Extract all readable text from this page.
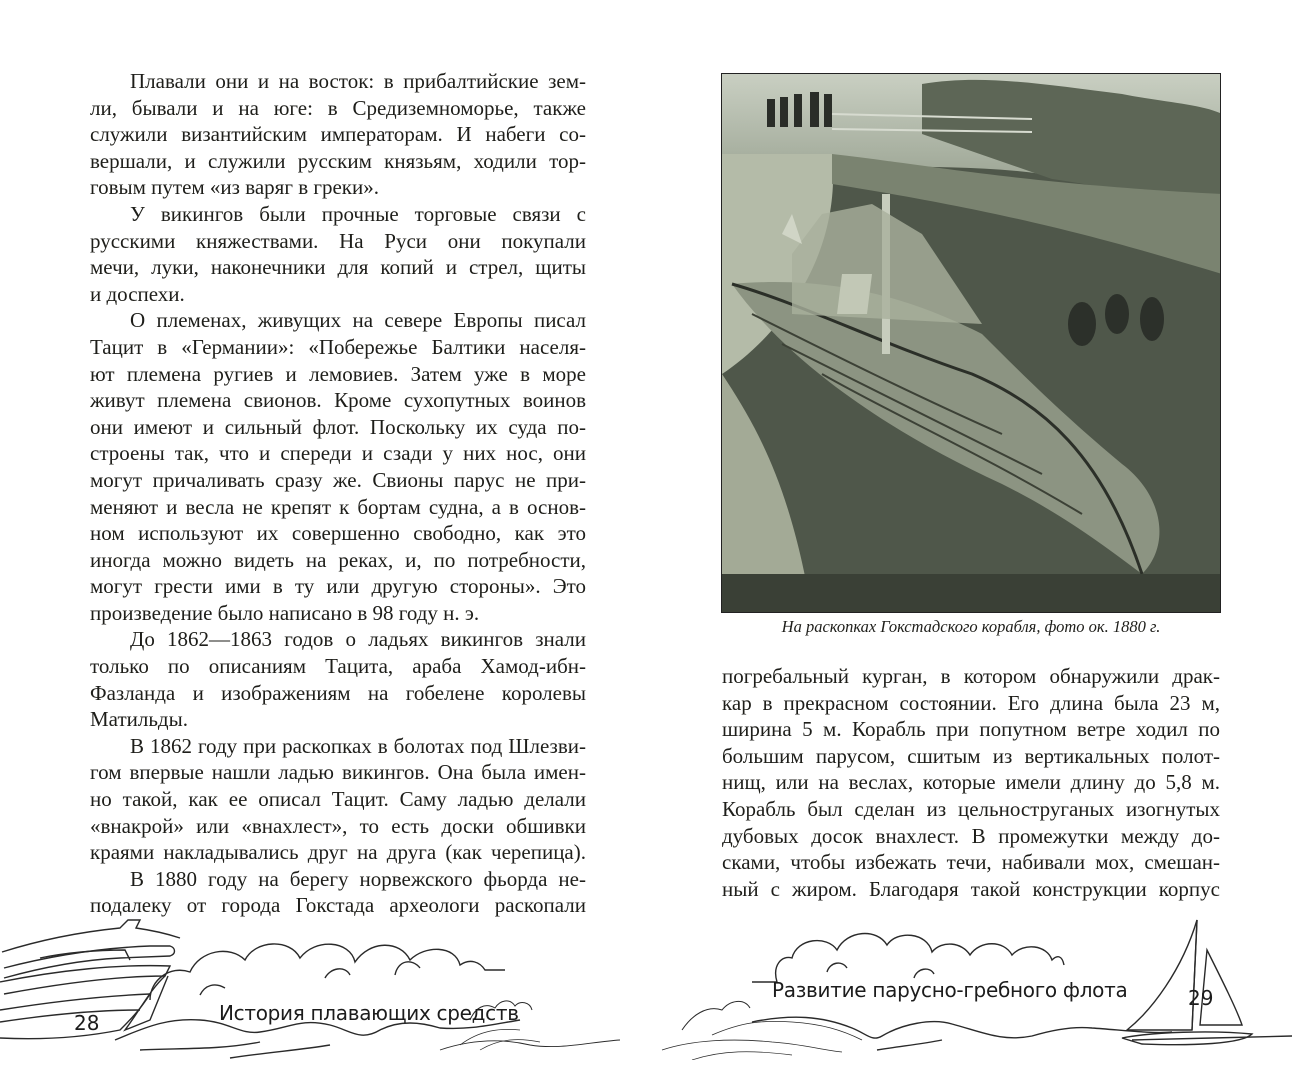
Плавали они и на восток: в прибалтийские зем-
ли, бывали и на юге: в Средиземноморье, также
служили византийским императорам. И набеги со-
вершали, и служили русским князьям, ходили тор-
говым путем «из варяг в греки».
У викингов были прочные торговые связи с
русскими княжествами. На Руси они покупали
мечи, луки, наконечники для копий и стрел, щиты
и доспехи.
О племенах, живущих на севере Европы писал
Тацит в «Германии»: «Побережье Балтики населя-
ют племена ругиев и лемовиев. Затем уже в море
живут племена свионов. Кроме сухопутных воинов
они имеют и сильный флот. Поскольку их суда по-
строены так, что и спереди и сзади у них нос, они
могут причаливать сразу же. Свионы парус не при-
меняют и весла не крепят к бортам судна, а в основ-
ном используют их совершенно свободно, как это
иногда можно видеть на реках, и, по потребности,
могут грести ими в ту или другую стороны». Это
произведение было написано в 98 году н. э.
До 1862—1863 годов о ладьях викингов знали
только по описаниям Тацита, араба Хамод-ибн-
Фазланда и изображениям на гобелене королевы
Матильды.
В 1862 году при раскопках в болотах под Шлезви-
гом впервые нашли ладью викингов. Она была имен-
но такой, как ее описал Тацит. Саму ладью делали
«внакрой» или «внахлест», то есть доски обшивки
краями накладывались друг на друга (как черепица).
В 1880 году на берегу норвежского фьорда не-
подалеку от города Гокстада археологи раскопали
28	История плавающих средств
На раскопках Гокстадского корабля, фото ок. 1880 г.
погребальный курган, в котором обнаружили драк-
кар в прекрасном состоянии. Его длина была 23 м,
ширина 5 м. Корабль при попутном ветре ходил по
большим парусом, сшитым из вертикальных полот-
нищ, или на веслах, которые имели длину до 5,8 м.
Корабль был сделан из цельноструганых изогнутых
дубовых досок внахлест. В промежутки между до-
сками, чтобы избежать течи, набивали мох, смешан-
ный с жиром. Благодаря такой конструкции корпус
Развитие парусно-гребного флота	29
